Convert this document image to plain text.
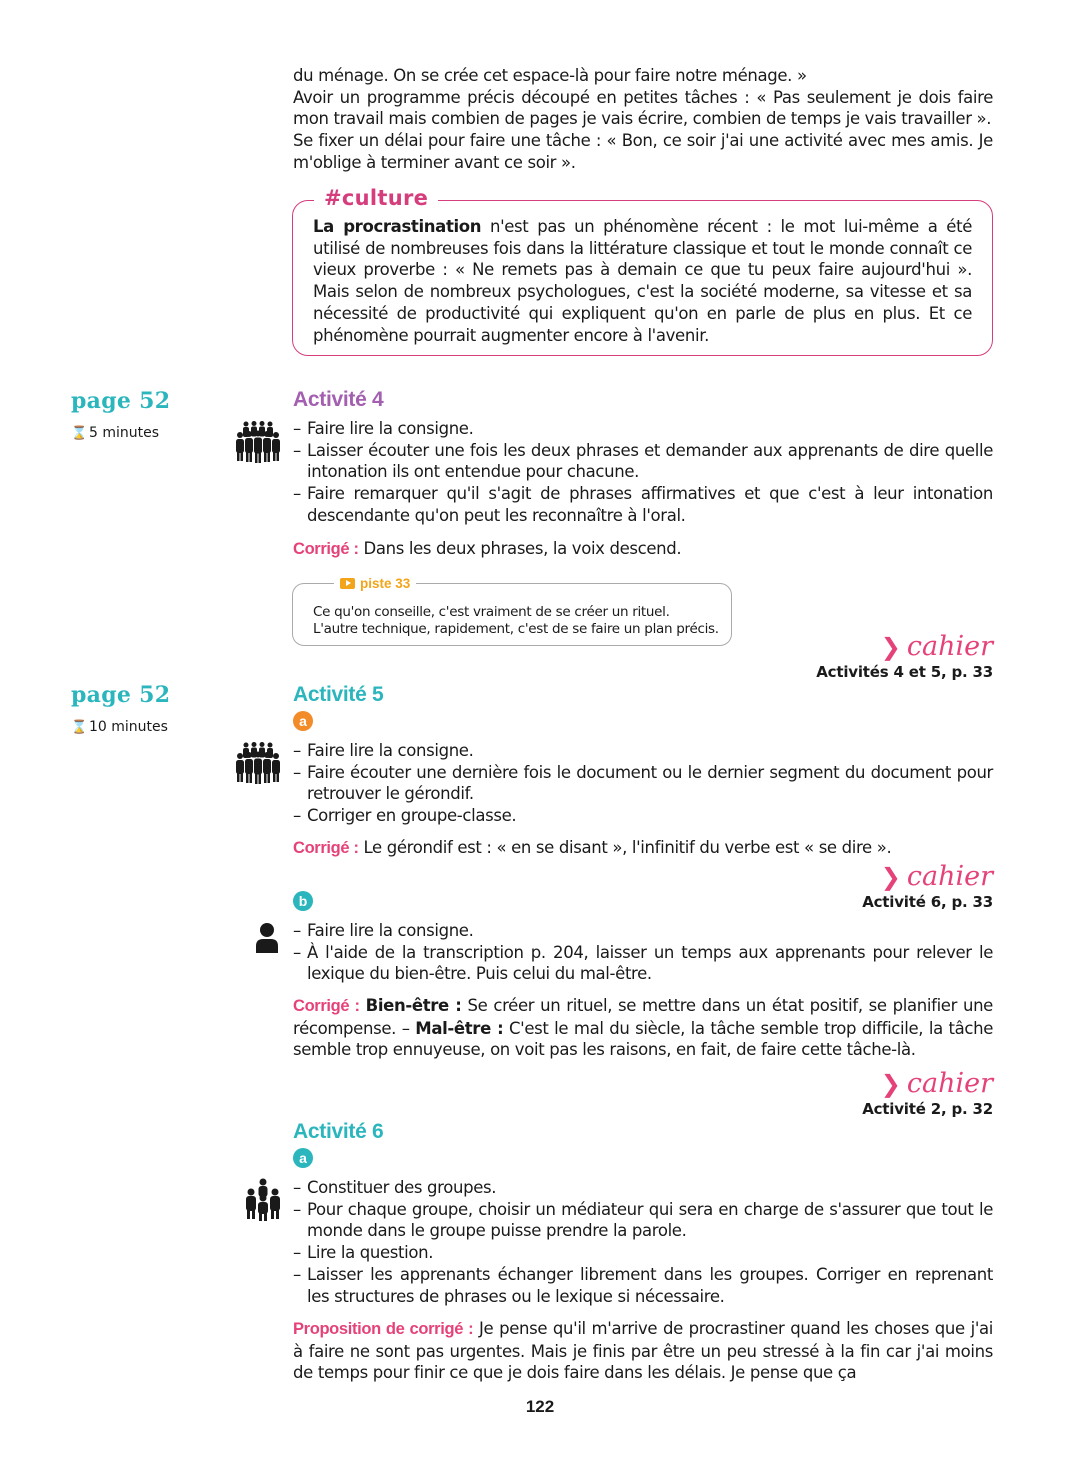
du ménage. On se crée cet espace-là pour faire notre ménage. »
Avoir un programme précis découpé en petites tâches : « Pas seulement je dois faire mon travail mais combien de pages je vais écrire, combien de temps je vais travailler ».
Se fixer un délai pour faire une tâche : « Bon, ce soir j'ai une activité avec mes amis. Je m'oblige à terminer avant ce soir ».
#culture
La procrastination n'est pas un phénomène récent : le mot lui-même a été utilisé de nombreuses fois dans la littérature classique et tout le monde connaît ce vieux proverbe : « Ne remets pas à demain ce que tu peux faire aujourd'hui ». Mais selon de nombreux psychologues, c'est la société moderne, sa vitesse et sa nécessité de productivité qui expliquent qu'on en parle de plus en plus. Et ce phénomène pourrait augmenter encore à l'avenir.
page 52
⌛ 5 minutes
Activité 4
– Faire lire la consigne.
– Laisser écouter une fois les deux phrases et demander aux apprenants de dire quelle intonation ils ont entendue pour chacune.
– Faire remarquer qu'il s'agit de phrases affirmatives et que c'est à leur intonation descendante qu'on peut les reconnaître à l'oral.
Corrigé : Dans les deux phrases, la voix descend.
piste 33
Ce qu'on conseille, c'est vraiment de se créer un rituel.
L'autre technique, rapidement, c'est de se faire un plan précis.
❯ cahier
Activités 4 et 5, p. 33
page 52
⌛ 10 minutes
Activité 5
a
– Faire lire la consigne.
– Faire écouter une dernière fois le document ou le dernier segment du document pour retrouver le gérondif.
– Corriger en groupe-classe.
Corrigé : Le gérondif est : « en se disant », l'infinitif du verbe est « se dire ».
❯ cahier
Activité 6, p. 33
b
– Faire lire la consigne.
– À l'aide de la transcription p. 204, laisser un temps aux apprenants pour relever le lexique du bien-être. Puis celui du mal-être.
Corrigé : Bien-être : Se créer un rituel, se mettre dans un état positif, se planifier une récompense. – Mal-être : C'est le mal du siècle, la tâche semble trop difficile, la tâche semble trop ennuyeuse, on voit pas les raisons, en fait, de faire cette tâche-là.
❯ cahier
Activité 2, p. 32
Activité 6
a
– Constituer des groupes.
– Pour chaque groupe, choisir un médiateur qui sera en charge de s'assurer que tout le monde dans le groupe puisse prendre la parole.
– Lire la question.
– Laisser les apprenants échanger librement dans les groupes. Corriger en reprenant les structures de phrases ou le lexique si nécessaire.
Proposition de corrigé : Je pense qu'il m'arrive de procrastiner quand les choses que j'ai à faire ne sont pas urgentes. Mais je finis par être un peu stressé à la fin car j'ai moins de temps pour finir ce que je dois faire dans les délais. Je pense que ça
122
